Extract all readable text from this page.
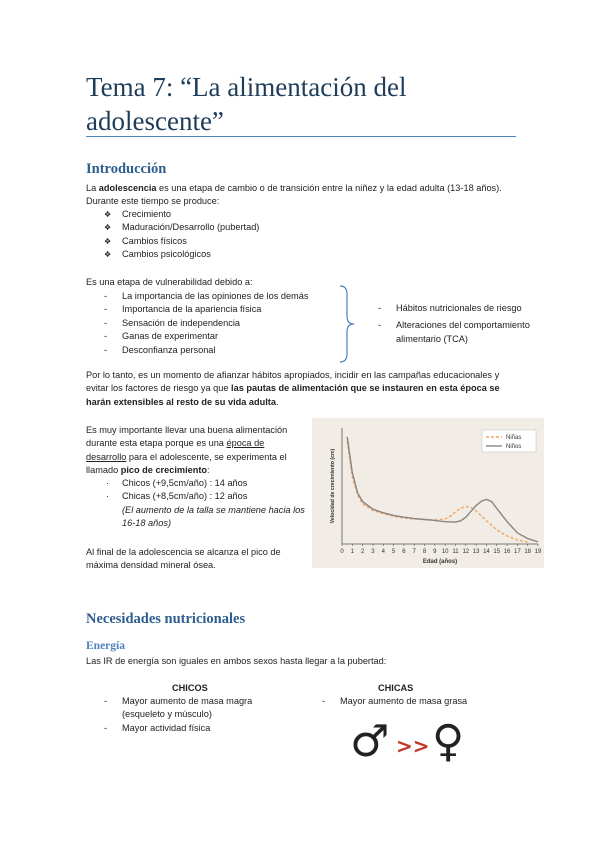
Tema 7: “La alimentación del adolescente”
Introducción
La adolescencia es una etapa de cambio o de transición entre la niñez y la edad adulta (13-18 años). Durante este tiempo se produce:
❖ Crecimiento
❖ Maduración/Desarrollo (pubertad)
❖ Cambios físicos
❖ Cambios psicológicos
Es una etapa de vulnerabilidad debido a:
- La importancia de las opiniones de los demás
- Importancia de la apariencia física
- Sensación de independencia
- Ganas de experimentar
- Desconfianza personal
- Hábitos nutricionales de riesgo
- Alteraciones del comportamiento alimentario (TCA)
Por lo tanto, es un momento de afianzar hábitos apropiados, incidir en las campañas educacionales y evitar los factores de riesgo ya que las pautas de alimentación que se instauren en esta época se harán extensibles al resto de su vida adulta.
Es muy importante llevar una buena alimentación durante esta etapa porque es una época de desarrollo para el adolescente, se experimenta el llamado pico de crecimiento:
· Chicos (+9,5cm/año) : 14 años
· Chicas (+8,5cm/año) : 12 años
(El aumento de la talla se mantiene hacia los 16-18 años)
Al final de la adolescencia se alcanza el pico de máxima densidad mineral ósea.
0 1 2 3 4 5 6 7 8 9 10 11 12 13 14 15 16 17 18 19
Edad (años)
Velocidad de crecimiento (cm)
Niñas
Niños
Necesidades nutricionales
Energía
Las IR de energía son iguales en ambos sexos hasta llegar a la pubertad:
CHICOS	CHICAS
- Mayor aumento de masa magra (esqueleto y músculo)
- Mayor actividad física
- Mayor aumento de masa grasa
♂ >> ♀
